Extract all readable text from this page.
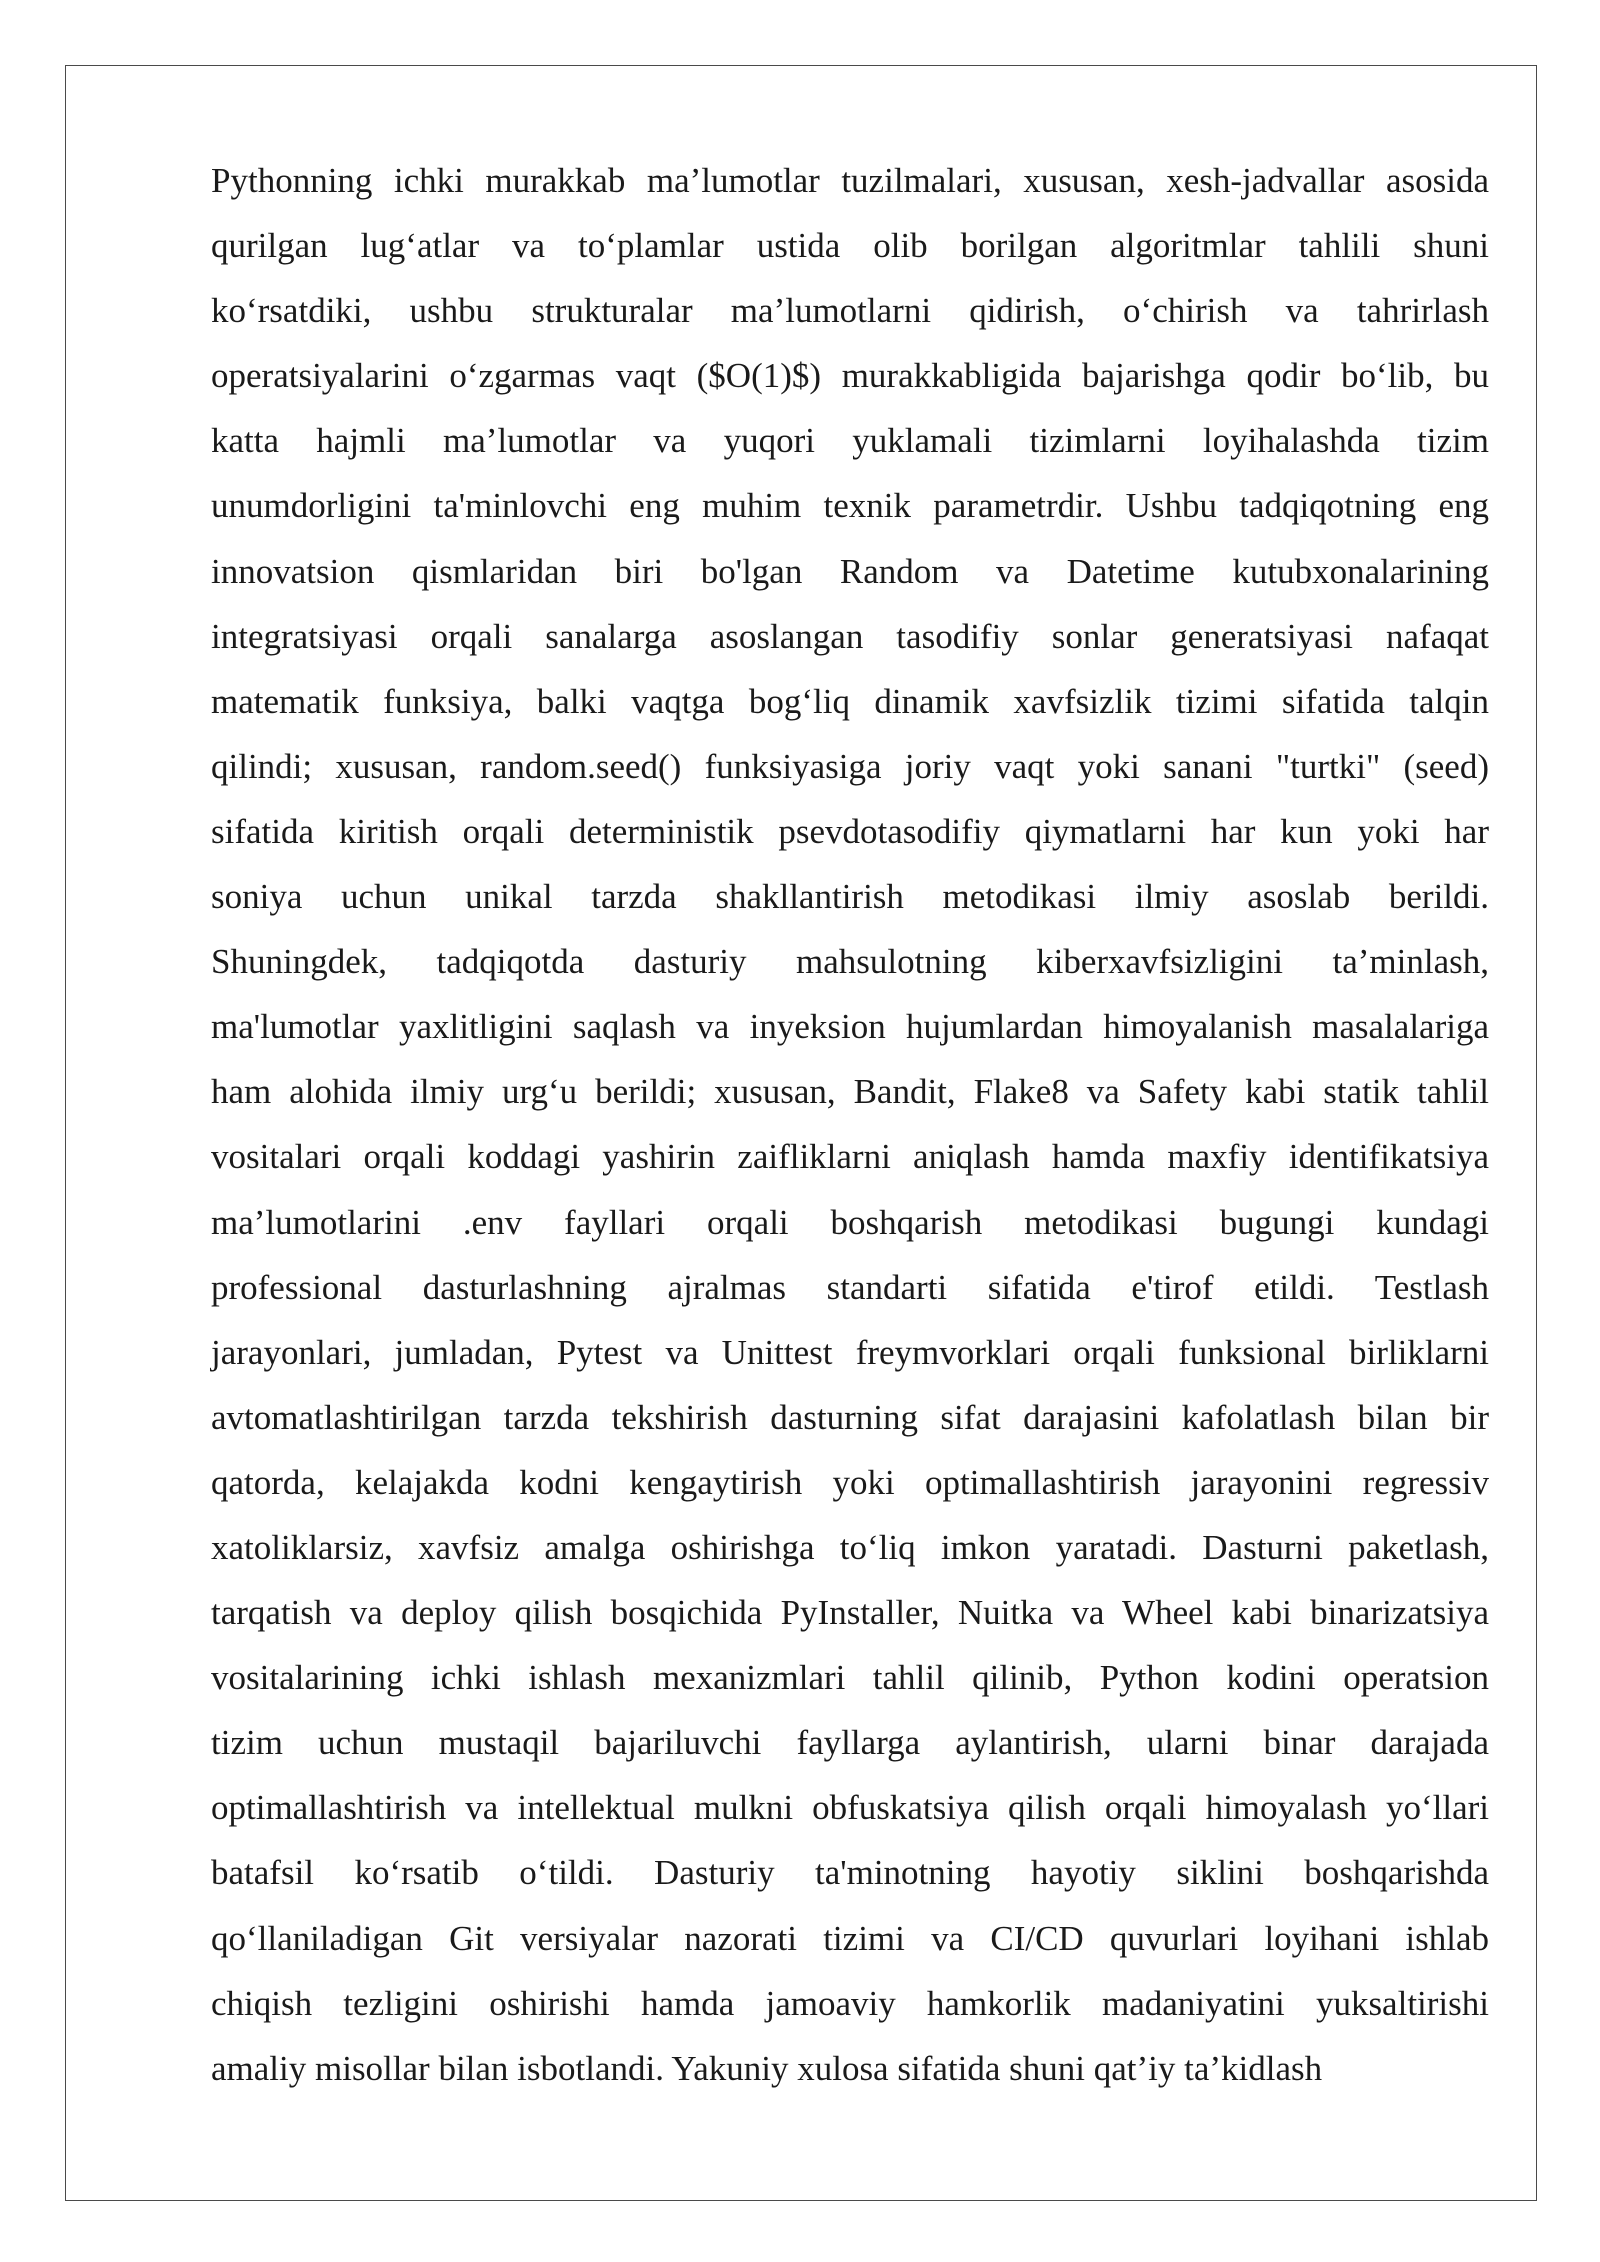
Pythonning ichki murakkab ma’lumotlar tuzilmalari, xususan, xesh-jadvallar asosida
qurilgan lug‘atlar va to‘plamlar ustida olib borilgan algoritmlar tahlili shuni
ko‘rsatdiki, ushbu strukturalar ma’lumotlarni qidirish, o‘chirish va tahrirlash
operatsiyalarini o‘zgarmas vaqt ($O(1)$) murakkabligida bajarishga qodir bo‘lib, bu
katta hajmli ma’lumotlar va yuqori yuklamali tizimlarni loyihalashda tizim
unumdorligini ta'minlovchi eng muhim texnik parametrdir. Ushbu tadqiqotning eng
innovatsion qismlaridan biri bo'lgan Random va Datetime kutubxonalarining
integratsiyasi orqali sanalarga asoslangan tasodifiy sonlar generatsiyasi nafaqat
matematik funksiya, balki vaqtga bog‘liq dinamik xavfsizlik tizimi sifatida talqin
qilindi; xususan, random.seed() funksiyasiga joriy vaqt yoki sanani "turtki" (seed)
sifatida kiritish orqali deterministik psevdotasodifiy qiymatlarni har kun yoki har
soniya uchun unikal tarzda shakllantirish metodikasi ilmiy asoslab berildi.
Shuningdek, tadqiqotda dasturiy mahsulotning kiberxavfsizligini ta’minlash,
ma'lumotlar yaxlitligini saqlash va inyeksion hujumlardan himoyalanish masalalariga
ham alohida ilmiy urg‘u berildi; xususan, Bandit, Flake8 va Safety kabi statik tahlil
vositalari orqali koddagi yashirin zaifliklarni aniqlash hamda maxfiy identifikatsiya
ma’lumotlarini .env fayllari orqali boshqarish metodikasi bugungi kundagi
professional dasturlashning ajralmas standarti sifatida e'tirof etildi. Testlash
jarayonlari, jumladan, Pytest va Unittest freymvorklari orqali funksional birliklarni
avtomatlashtirilgan tarzda tekshirish dasturning sifat darajasini kafolatlash bilan bir
qatorda, kelajakda kodni kengaytirish yoki optimallashtirish jarayonini regressiv
xatoliklarsiz, xavfsiz amalga oshirishga to‘liq imkon yaratadi. Dasturni paketlash,
tarqatish va deploy qilish bosqichida PyInstaller, Nuitka va Wheel kabi binarizatsiya
vositalarining ichki ishlash mexanizmlari tahlil qilinib, Python kodini operatsion
tizim uchun mustaqil bajariluvchi fayllarga aylantirish, ularni binar darajada
optimallashtirish va intellektual mulkni obfuskatsiya qilish orqali himoyalash yo‘llari
batafsil ko‘rsatib o‘tildi. Dasturiy ta'minotning hayotiy siklini boshqarishda
qo‘llaniladigan Git versiyalar nazorati tizimi va CI/CD quvurlari loyihani ishlab
chiqish tezligini oshirishi hamda jamoaviy hamkorlik madaniyatini yuksaltirishi
amaliy misollar bilan isbotlandi. Yakuniy xulosa sifatida shuni qat’iy ta’kidlash
